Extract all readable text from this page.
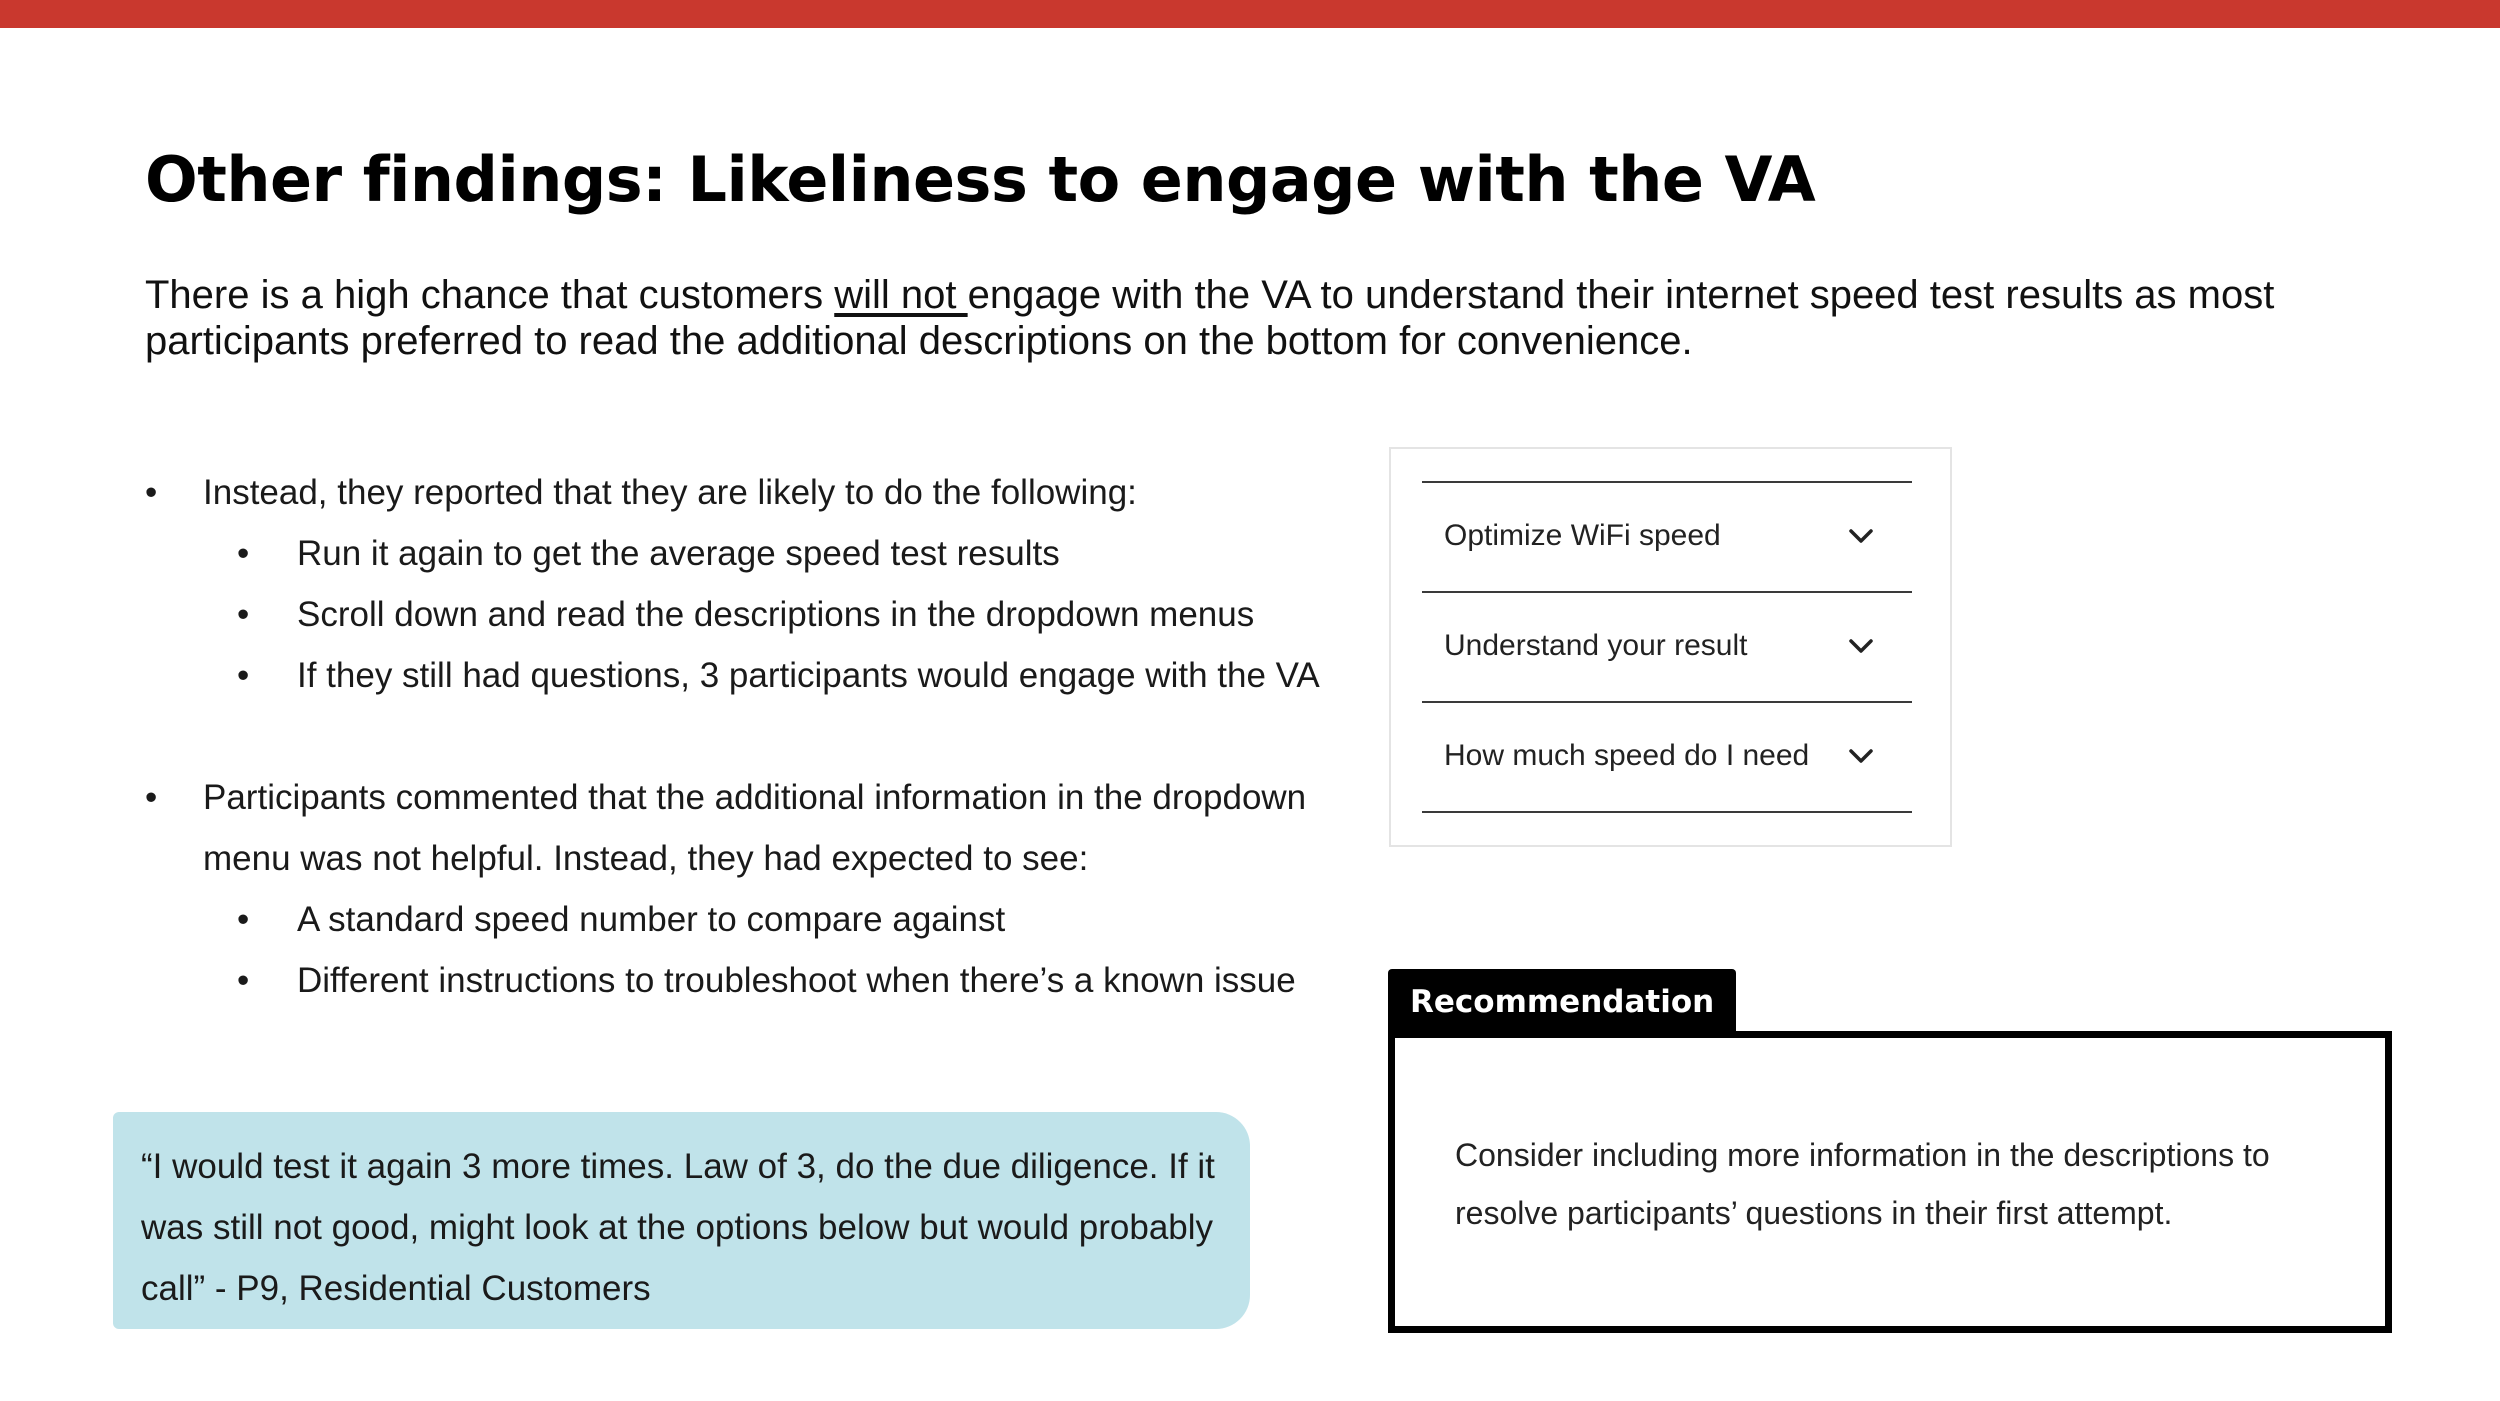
Other findings: Likeliness to engage with the VA

There is a high chance that customers will not engage with the VA to understand their internet speed test results as most participants preferred to read the additional descriptions on the bottom for convenience.

• Instead, they reported that they are likely to do the following:
• Run it again to get the average speed test results
• Scroll down and read the descriptions in the dropdown menus
• If they still had questions, 3 participants would engage with the VA
• Participants commented that the additional information in the dropdown menu was not helpful. Instead, they had expected to see:
• A standard speed number to compare against
• Different instructions to troubleshoot when there’s a known issue
Optimize WiFi speed
Understand your result
How much speed do I need
“I would test it again 3 more times. Law of 3, do the due diligence. If it was still not good, might look at the options below but would probably call” - P9, Residential Customers
Recommendation

Consider including more information in the descriptions to resolve participants’ questions in their first attempt.
